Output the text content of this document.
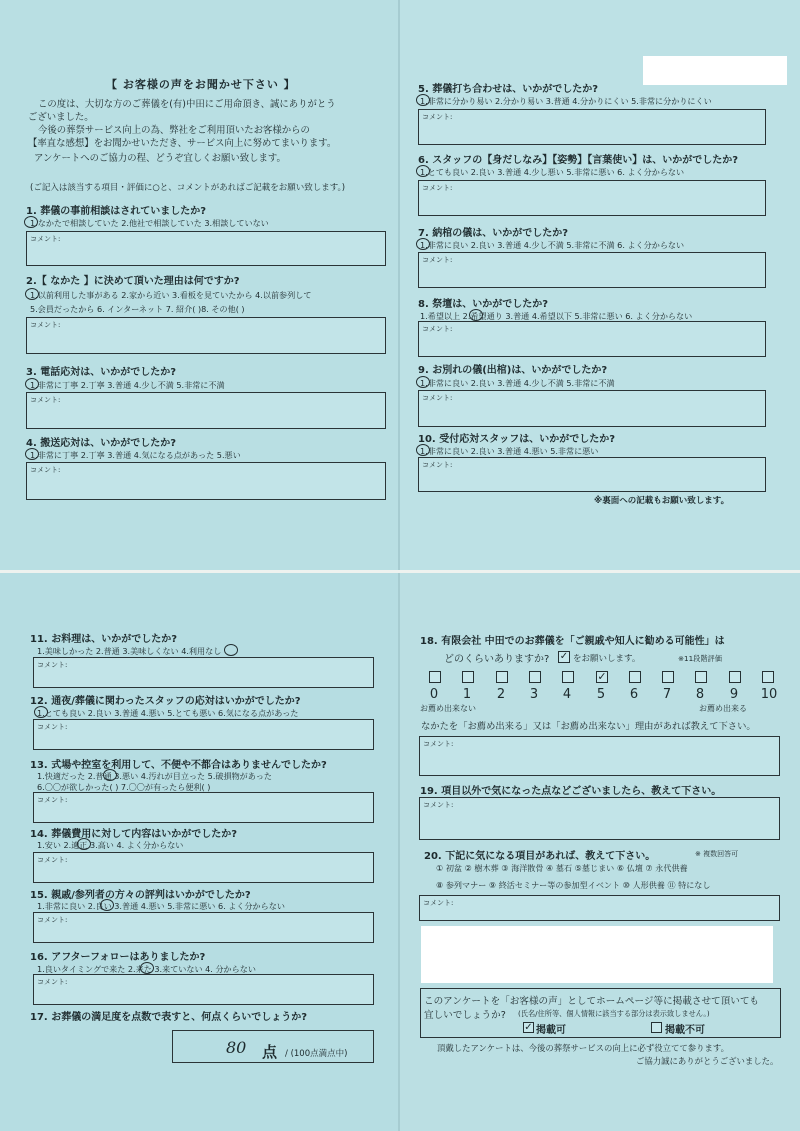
【 お客様の声をお聞かせ下さい 】
この度は、大切な方のご葬儀を(有)中田にご用命頂き、誠にありがとう
ございました。
今後の葬祭サービス向上の為、弊社をご利用頂いたお客様からの
【率直な感想】をお聞かせいただき、サービス向上に努めてまいります。
アンケートへのご協力の程、どうぞ宜しくお願い致します。
(ご記入は該当する項目・評価に○と、コメントがあればご記載をお願い致します。)
1. 葬儀の事前相談はされていましたか?
1.なかたで相談していた 2.他社で相談していた 3.相談していない
コメント:
2.【 なかた 】に決めて頂いた理由は何ですか?
1.以前利用した事がある 2.家から近い 3.看板を見ていたから 4.以前参列して
5.会員だったから 6. インターネット 7. 紹介( )8. その他( )
コメント:
3. 電話応対は、いかがでしたか?
1.非常に丁寧 2.丁寧 3.普通 4.少し不満 5.非常に不満
コメント:
4. 搬送応対は、いかがでしたか?
1.非常に丁寧 2.丁寧 3.普通 4.気になる点があった 5.悪い
コメント:
5. 葬儀打ち合わせは、いかがでしたか?
1.非常に分かり易い 2.分かり易い 3.普通 4.分かりにくい 5.非常に分かりにくい
コメント:
6. スタッフの【身だしなみ】【姿勢】【言葉使い】は、いかがでしたか?
1.とても良い 2.良い 3.普通 4.少し悪い 5.非常に悪い 6. よく分からない
コメント:
7. 納棺の儀は、いかがでしたか?
1.非常に良い 2.良い 3.普通 4.少し不満 5.非常に不満 6. よく分からない
コメント:
8. 祭壇は、いかがでしたか?
1.希望以上 2.希望通り 3.普通 4.希望以下 5.非常に悪い 6. よく分からない
コメント:
9. お別れの儀(出棺)は、いかがでしたか?
1.非常に良い 2.良い 3.普通 4.少し不満 5.非常に不満
コメント:
10. 受付応対スタッフは、いかがでしたか?
1.非常に良い 2.良い 3.普通 4.悪い 5.非常に悪い
コメント:
※裏面への記載もお願い致します。
11. お料理は、いかがでしたか?
1.美味しかった 2.普通 3.美味しくない 4.利用なし
コメント:
12. 通夜/葬儀に関わったスタッフの応対はいかがでしたか?
1.とても良い 2.良い 3.普通 4.悪い 5.とても悪い 6.気になる点があった
コメント:
13. 式場や控室を利用して、不便や不都合はありませんでしたか?
1.快適だった 2.普通 3.悪い 4.汚れが目立った 5.破損物があった
6.〇〇が欲しかった( ) 7.〇〇が有ったら便利( )
コメント:
14. 葬儀費用に対して内容はいかがでしたか?
1.安い 2.適正 3.高い 4. よく分からない
コメント:
15. 親戚/参列者の方々の評判はいかがでしたか?
1.非常に良い 2.良い 3.普通 4.悪い 5.非常に悪い 6. よく分からない
コメント:
16. アフターフォローはありましたか?
1.良いタイミングで来た 2.来た 3.来ていない 4. 分からない
コメント:
17. お葬儀の満足度を点数で表すと、何点くらいでしょうか?
80 点 / (100点満点中)
18. 有限会社 中田でのお葬儀を「ご親戚や知人に勧める可能性」は
どのくらいありますか? ✓ をお願いします。	※11段階評価
0 1 2 3 4
✓
5 6 7 8 9 10
お薦め出来ない	お薦め出来る
なかたを「お薦め出来る」又は「お薦め出来ない」理由があれば教えて下さい。
コメント:
19. 項目以外で気になった点などございましたら、教えて下さい。
コメント:
20. 下記に気になる項目があれば、教えて下さい。	※ 複数回答可
① 初盆 ② 樹木葬 ③ 海洋散骨 ④ 墓石 ⑤墓じまい ⑥ 仏壇 ⑦ 永代供養
⑧ 参列マナー ⑨ 終活セミナー等の参加型イベント ⑩ 人形供養 ⑪ 特になし
コメント:
このアンケートを「お客様の声」としてホームページ等に掲載させて頂いても
宜しいでしょうか? (氏名/住所等、個人情報に該当する部分は表示致しません。)
✓ 掲載可	掲載不可
頂戴したアンケートは、今後の葬祭サービスの向上に必ず役立てて参ります。
ご協力誠にありがとうございました。
